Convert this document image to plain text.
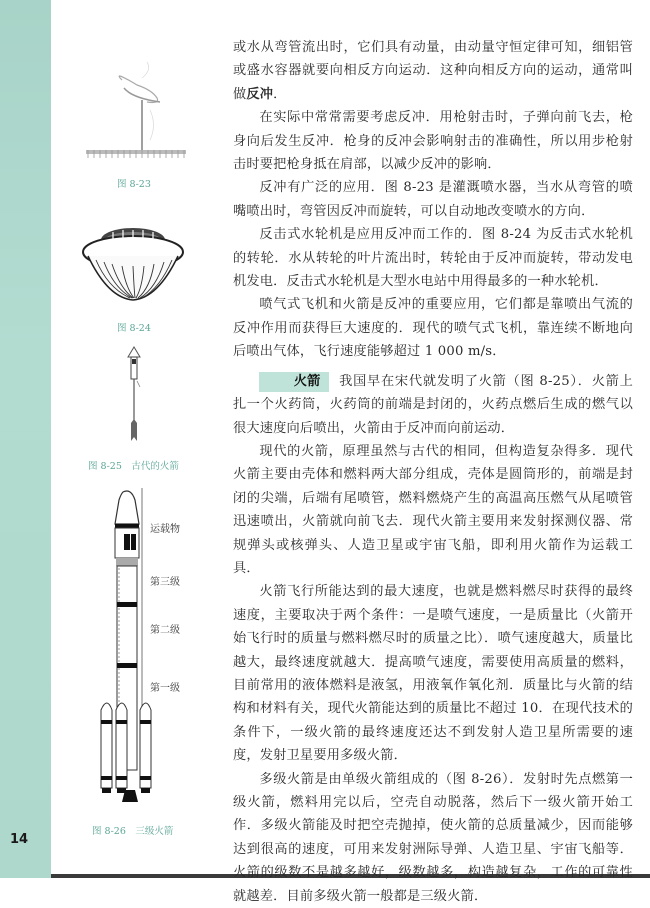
14
图 8-23
图 8-24
图 8-25　古代的火箭
运载物
第三级
第二级
第一级
图 8-26　三级火箭

或水从弯管流出时，它们具有动量，由动量守恒定律可知，细铝管或盛水容器就要向相反方向运动．这种向相反方向的运动，通常叫做反冲．

在实际中常常需要考虑反冲．用枪射击时，子弹向前飞去，枪身向后发生反冲．枪身的反冲会影响射击的准确性，所以用步枪射击时要把枪身抵在肩部，以减少反冲的影响．

反冲有广泛的应用．图 8-23 是灌溉喷水器，当水从弯管的喷嘴喷出时，弯管因反冲而旋转，可以自动地改变喷水的方向．

反击式水轮机是应用反冲而工作的．图 8-24 为反击式水轮机的转轮．水从转轮的叶片流出时，转轮由于反冲而旋转，带动发电机发电．反击式水轮机是大型水电站中用得最多的一种水轮机．

喷气式飞机和火箭是反冲的重要应用，它们都是靠喷出气流的反冲作用而获得巨大速度的．现代的喷气式飞机，靠连续不断地向后喷出气体，飞行速度能够超过 1 000 m/s．

火箭 我国早在宋代就发明了火箭（图 8-25）．火箭上扎一个火药筒，火药筒的前端是封闭的，火药点燃后生成的燃气以很大速度向后喷出，火箭由于反冲而向前运动．

现代的火箭，原理虽然与古代的相同，但构造复杂得多．现代火箭主要由壳体和燃料两大部分组成，壳体是圆筒形的，前端是封闭的尖端，后端有尾喷管，燃料燃烧产生的高温高压燃气从尾喷管迅速喷出，火箭就向前飞去．现代火箭主要用来发射探测仪器、常规弹头或核弹头、人造卫星或宇宙飞船，即利用火箭作为运载工具．

火箭飞行所能达到的最大速度，也就是燃料燃尽时获得的最终速度，主要取决于两个条件：一是喷气速度，一是质量比（火箭开始飞行时的质量与燃料燃尽时的质量之比）．喷气速度越大，质量比越大，最终速度就越大．提高喷气速度，需要使用高质量的燃料，目前常用的液体燃料是液氢，用液氧作氧化剂．质量比与火箭的结构和材料有关，现代火箭能达到的质量比不超过 10．在现代技术的条件下，一级火箭的最终速度还达不到发射人造卫星所需要的速度，发射卫星要用多级火箭．

多级火箭是由单级火箭组成的（图 8-26）．发射时先点燃第一级火箭，燃料用完以后，空壳自动脱落，然后下一级火箭开始工作．多级火箭能及时把空壳抛掉，使火箭的总质量减少，因而能够达到很高的速度，可用来发射洲际导弹、人造卫星、宇宙飞船等．火箭的级数不是越多越好，级数越多，构造越复杂，工作的可靠性就越差．目前多级火箭一般都是三级火箭．
